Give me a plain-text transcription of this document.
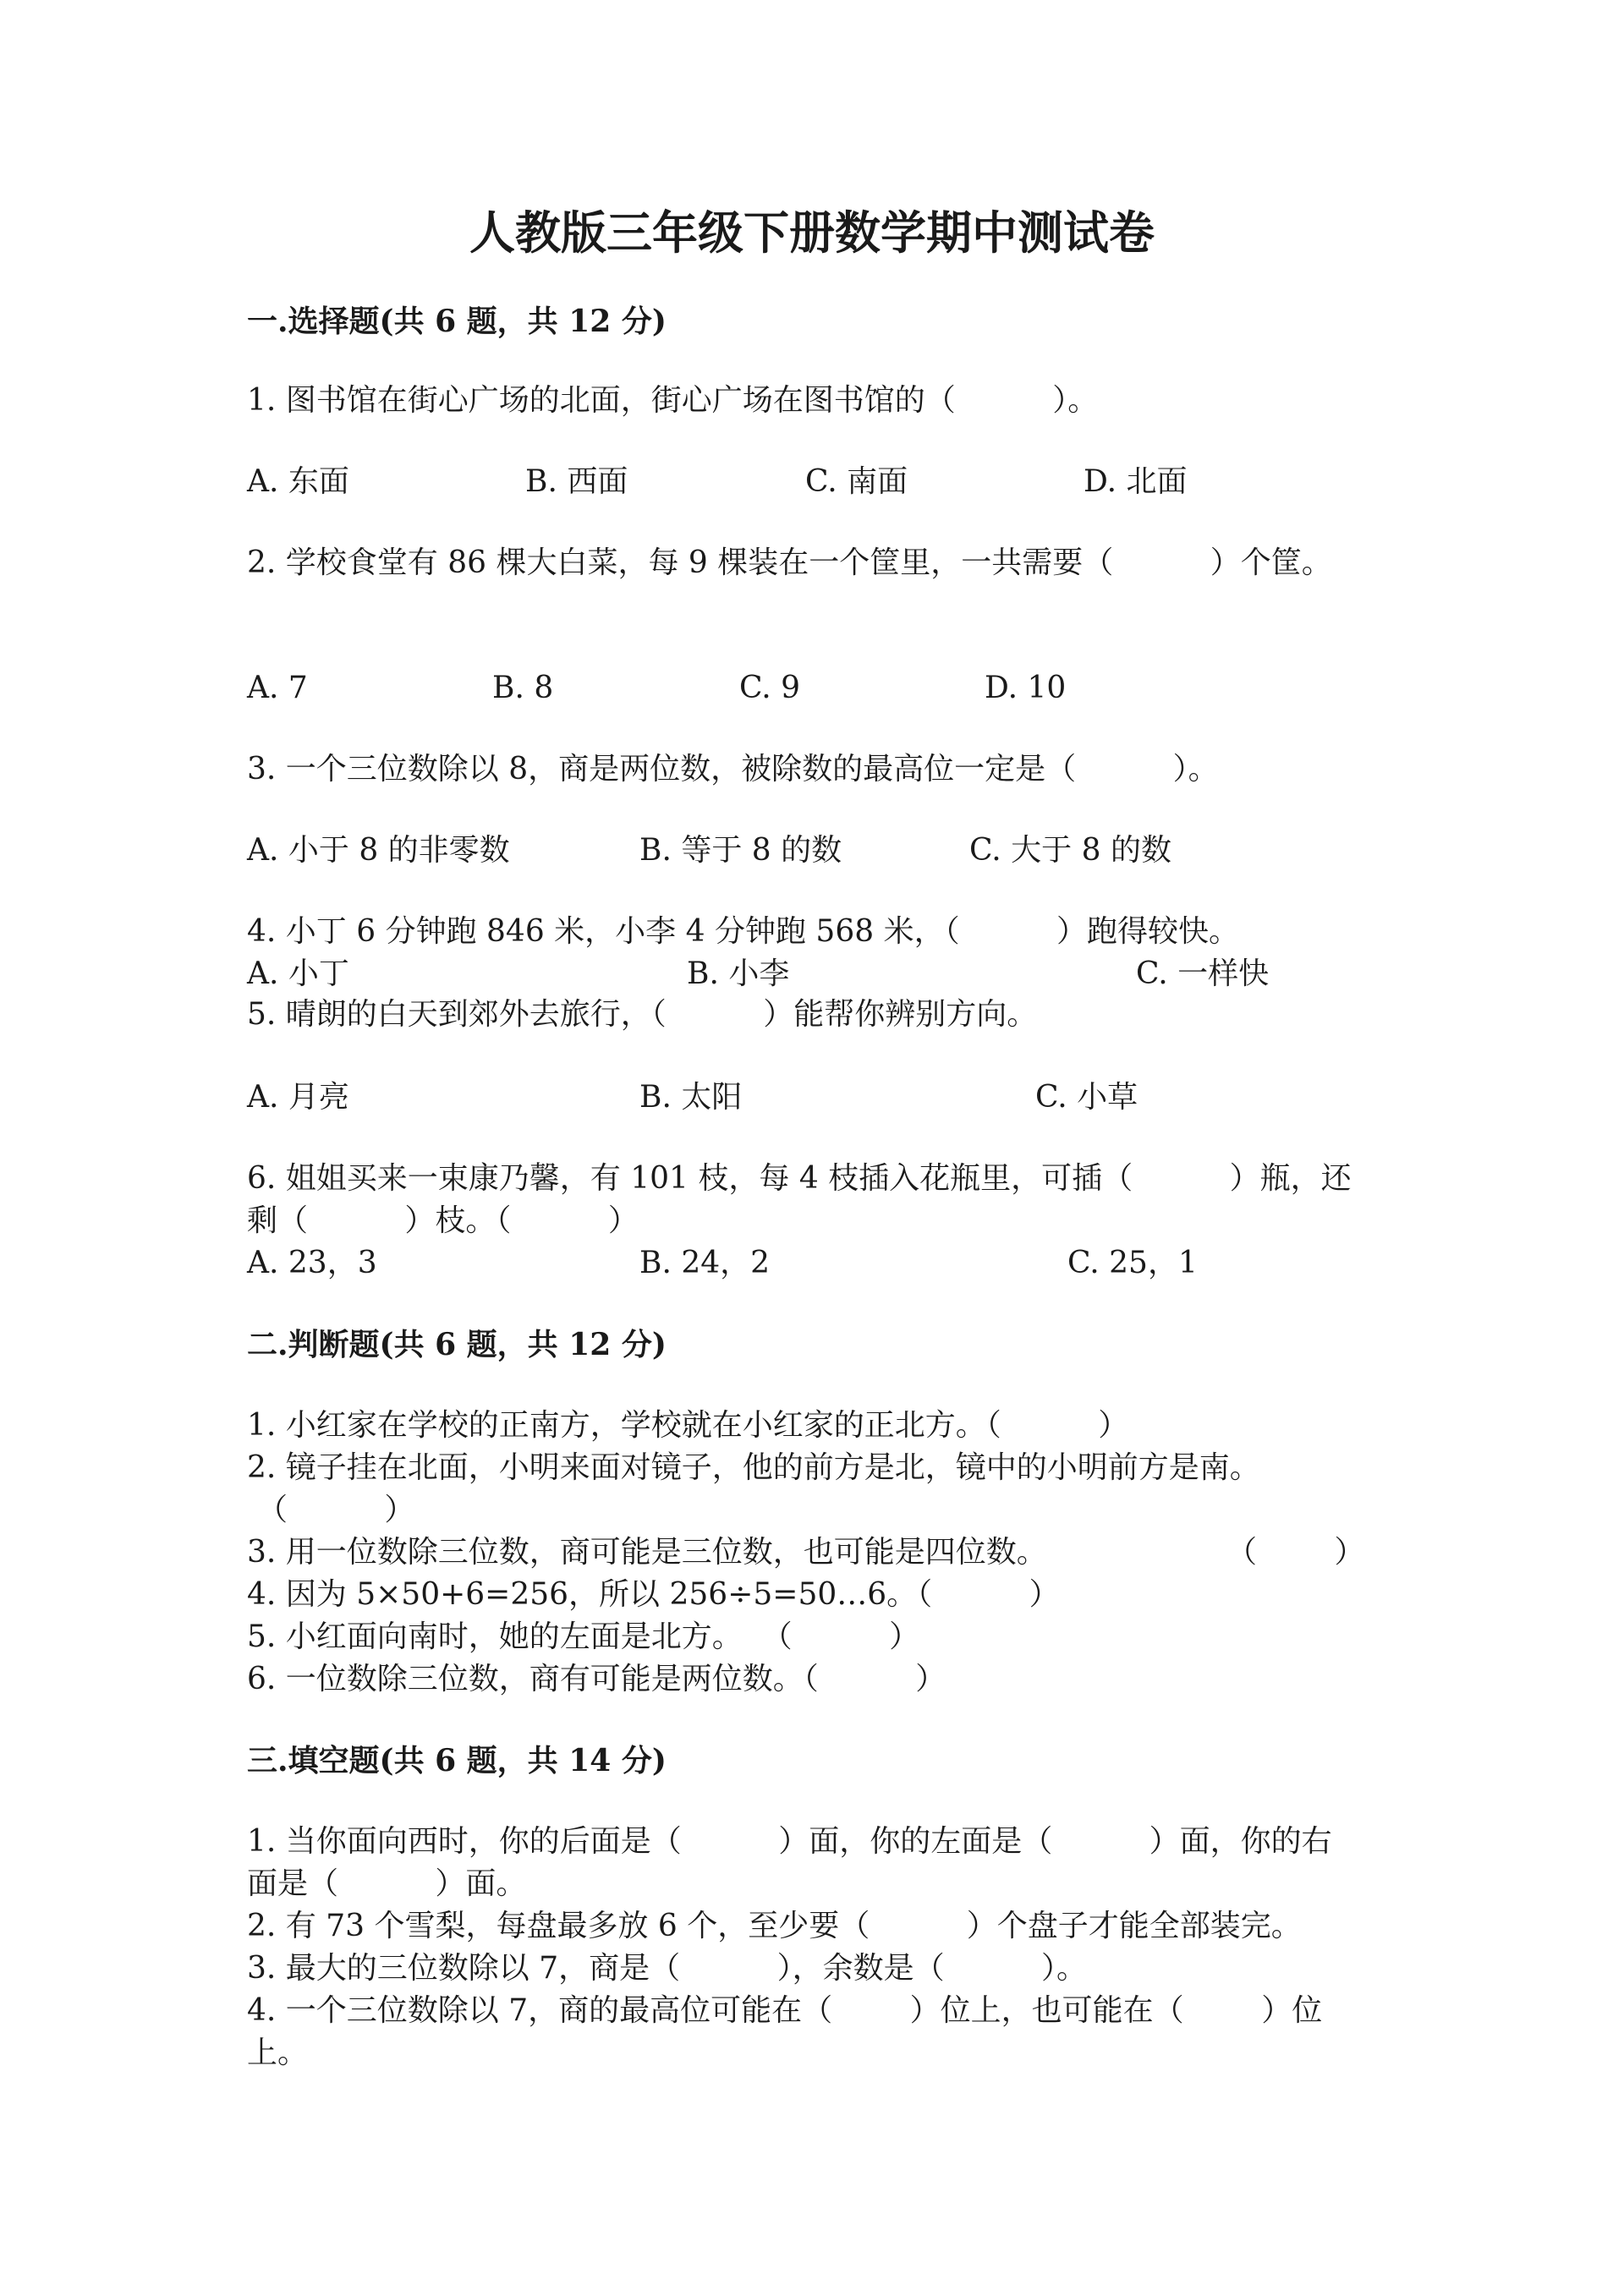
人教版三年级下册数学期中测试卷
一.选择题(共 6 题，共 12 分)
1. 图书馆在街心广场的北面，街心广场在图书馆的（          ）。
A. 东面	B. 西面	C. 南面	D. 北面
2. 学校食堂有 86 棵大白菜，每 9 棵装在一个筐里，一共需要（          ）个筐。
A. 7	B. 8	C. 9	D. 10
3. 一个三位数除以 8，商是两位数，被除数的最高位一定是（          ）。
A. 小于 8 的非零数	B. 等于 8 的数	C. 大于 8 的数
4. 小丁 6 分钟跑 846 米，小李 4 分钟跑 568 米，（          ）跑得较快。
A. 小丁	B. 小李	C. 一样快
5. 晴朗的白天到郊外去旅行，（          ）能帮你辨别方向。
A. 月亮	B. 太阳	C. 小草
6. 姐姐买来一束康乃馨，有 101 枝，每 4 枝插入花瓶里，可插（          ）瓶，还
剩（          ）枝。（          ）
A. 23，3	B. 24，2	C. 25，1
二.判断题(共 6 题，共 12 分)
1. 小红家在学校的正南方，学校就在小红家的正北方。（          ）
2. 镜子挂在北面，小明来面对镜子，他的前方是北，镜中的小明前方是南。
（          ）
3. 用一位数除三位数，商可能是三位数，也可能是四位数。	（        ）
4. 因为 5×50+6=256，所以 256÷5=50…6。（          ）
5. 小红面向南时，她的左面是北方。  （          ）
6. 一位数除三位数，商有可能是两位数。（          ）
三.填空题(共 6 题，共 14 分)
1. 当你面向西时，你的后面是（          ）面，你的左面是（          ）面，你的右
面是（          ）面。
2. 有 73 个雪梨，每盘最多放 6 个，至少要（          ）个盘子才能全部装完。
3. 最大的三位数除以 7，商是（          ），余数是（          ）。
4. 一个三位数除以 7，商的最高位可能在（        ）位上，也可能在（        ）位
上。
